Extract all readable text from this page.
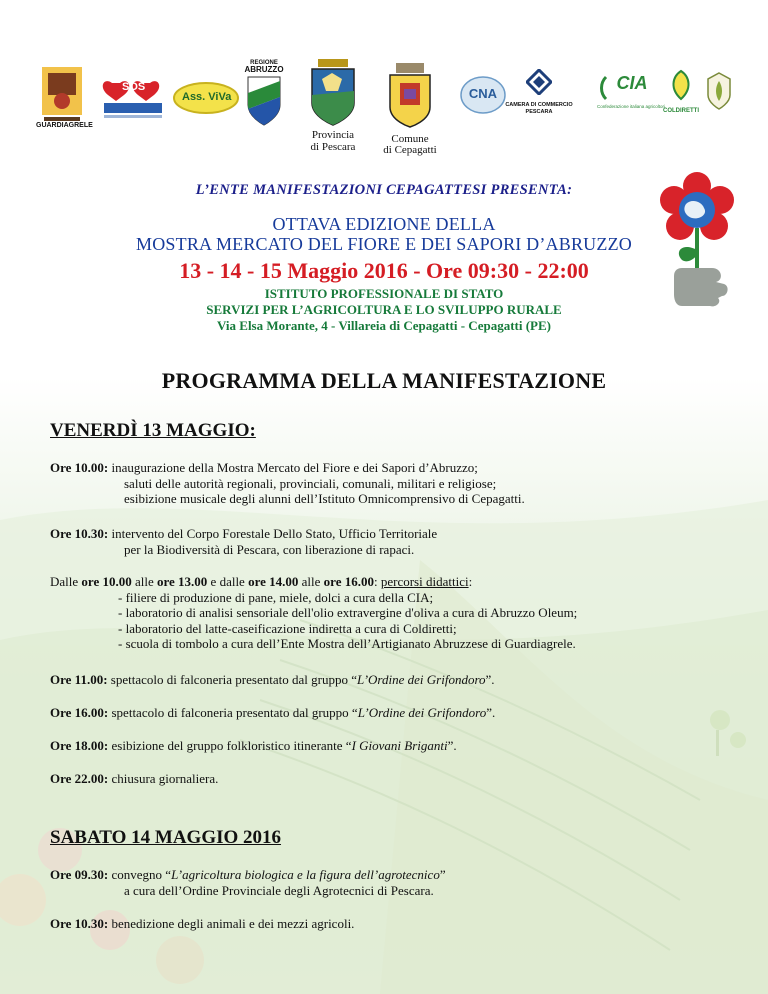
GUARDIAGRELE
SOS
Ass. ViVa
REGIONE
ABRUZZO
Provincia
di Pescara
Comune
di Cepagatti
CNA
CAMERA DI COMMERCIO
PESCARA
CIA
Confederazione italiana agricoltori
COLDIRETTI
L’ENTE MANIFESTAZIONI CEPAGATTESI PRESENTA:
OTTAVA EDIZIONE DELLA
MOSTRA MERCATO DEL FIORE E DEI SAPORI D’ABRUZZO
13 - 14 - 15 Maggio 2016 - Ore 09:30 - 22:00
ISTITUTO PROFESSIONALE DI STATO
SERVIZI PER L’AGRICOLTURA E LO SVILUPPO RURALE
Via Elsa Morante, 4 - Villareia di Cepagatti - Cepagatti (PE)
PROGRAMMA DELLA MANIFESTAZIONE
VENERDÌ 13 MAGGIO:
Ore 10.00: inaugurazione della Mostra Mercato del Fiore e dei Sapori d’Abruzzo;
saluti delle autorità regionali, provinciali, comunali, militari e religiose;
esibizione musicale degli alunni dell’Istituto Omnicomprensivo di Cepagatti.
Ore 10.30: intervento del Corpo Forestale Dello Stato, Ufficio Territoriale
per la Biodiversità di Pescara, con liberazione di rapaci.
Dalle ore 10.00 alle ore 13.00 e dalle ore 14.00 alle ore 16.00: percorsi didattici:
- filiere di produzione di pane, miele, dolci a cura della CIA;
- laboratorio di analisi sensoriale dell'olio extravergine d'oliva a cura di Abruzzo Oleum;
- laboratorio del latte-caseificazione indiretta a cura di Coldiretti;
- scuola di tombolo a cura dell’Ente Mostra dell’Artigianato Abruzzese di Guardiagrele.
Ore 11.00: spettacolo di falconeria presentato dal gruppo “L’Ordine dei Grifondoro”.
Ore 16.00: spettacolo di falconeria presentato dal gruppo “L’Ordine dei Grifondoro”.
Ore 18.00: esibizione del gruppo folkloristico itinerante “I Giovani Briganti”.
Ore 22.00: chiusura giornaliera.
SABATO 14 MAGGIO 2016
Ore 09.30: convegno “L’agricoltura biologica e la figura dell’agrotecnico”
a cura dell’Ordine Provinciale degli Agrotecnici di Pescara.
Ore 10.30: benedizione degli animali e dei mezzi agricoli.
